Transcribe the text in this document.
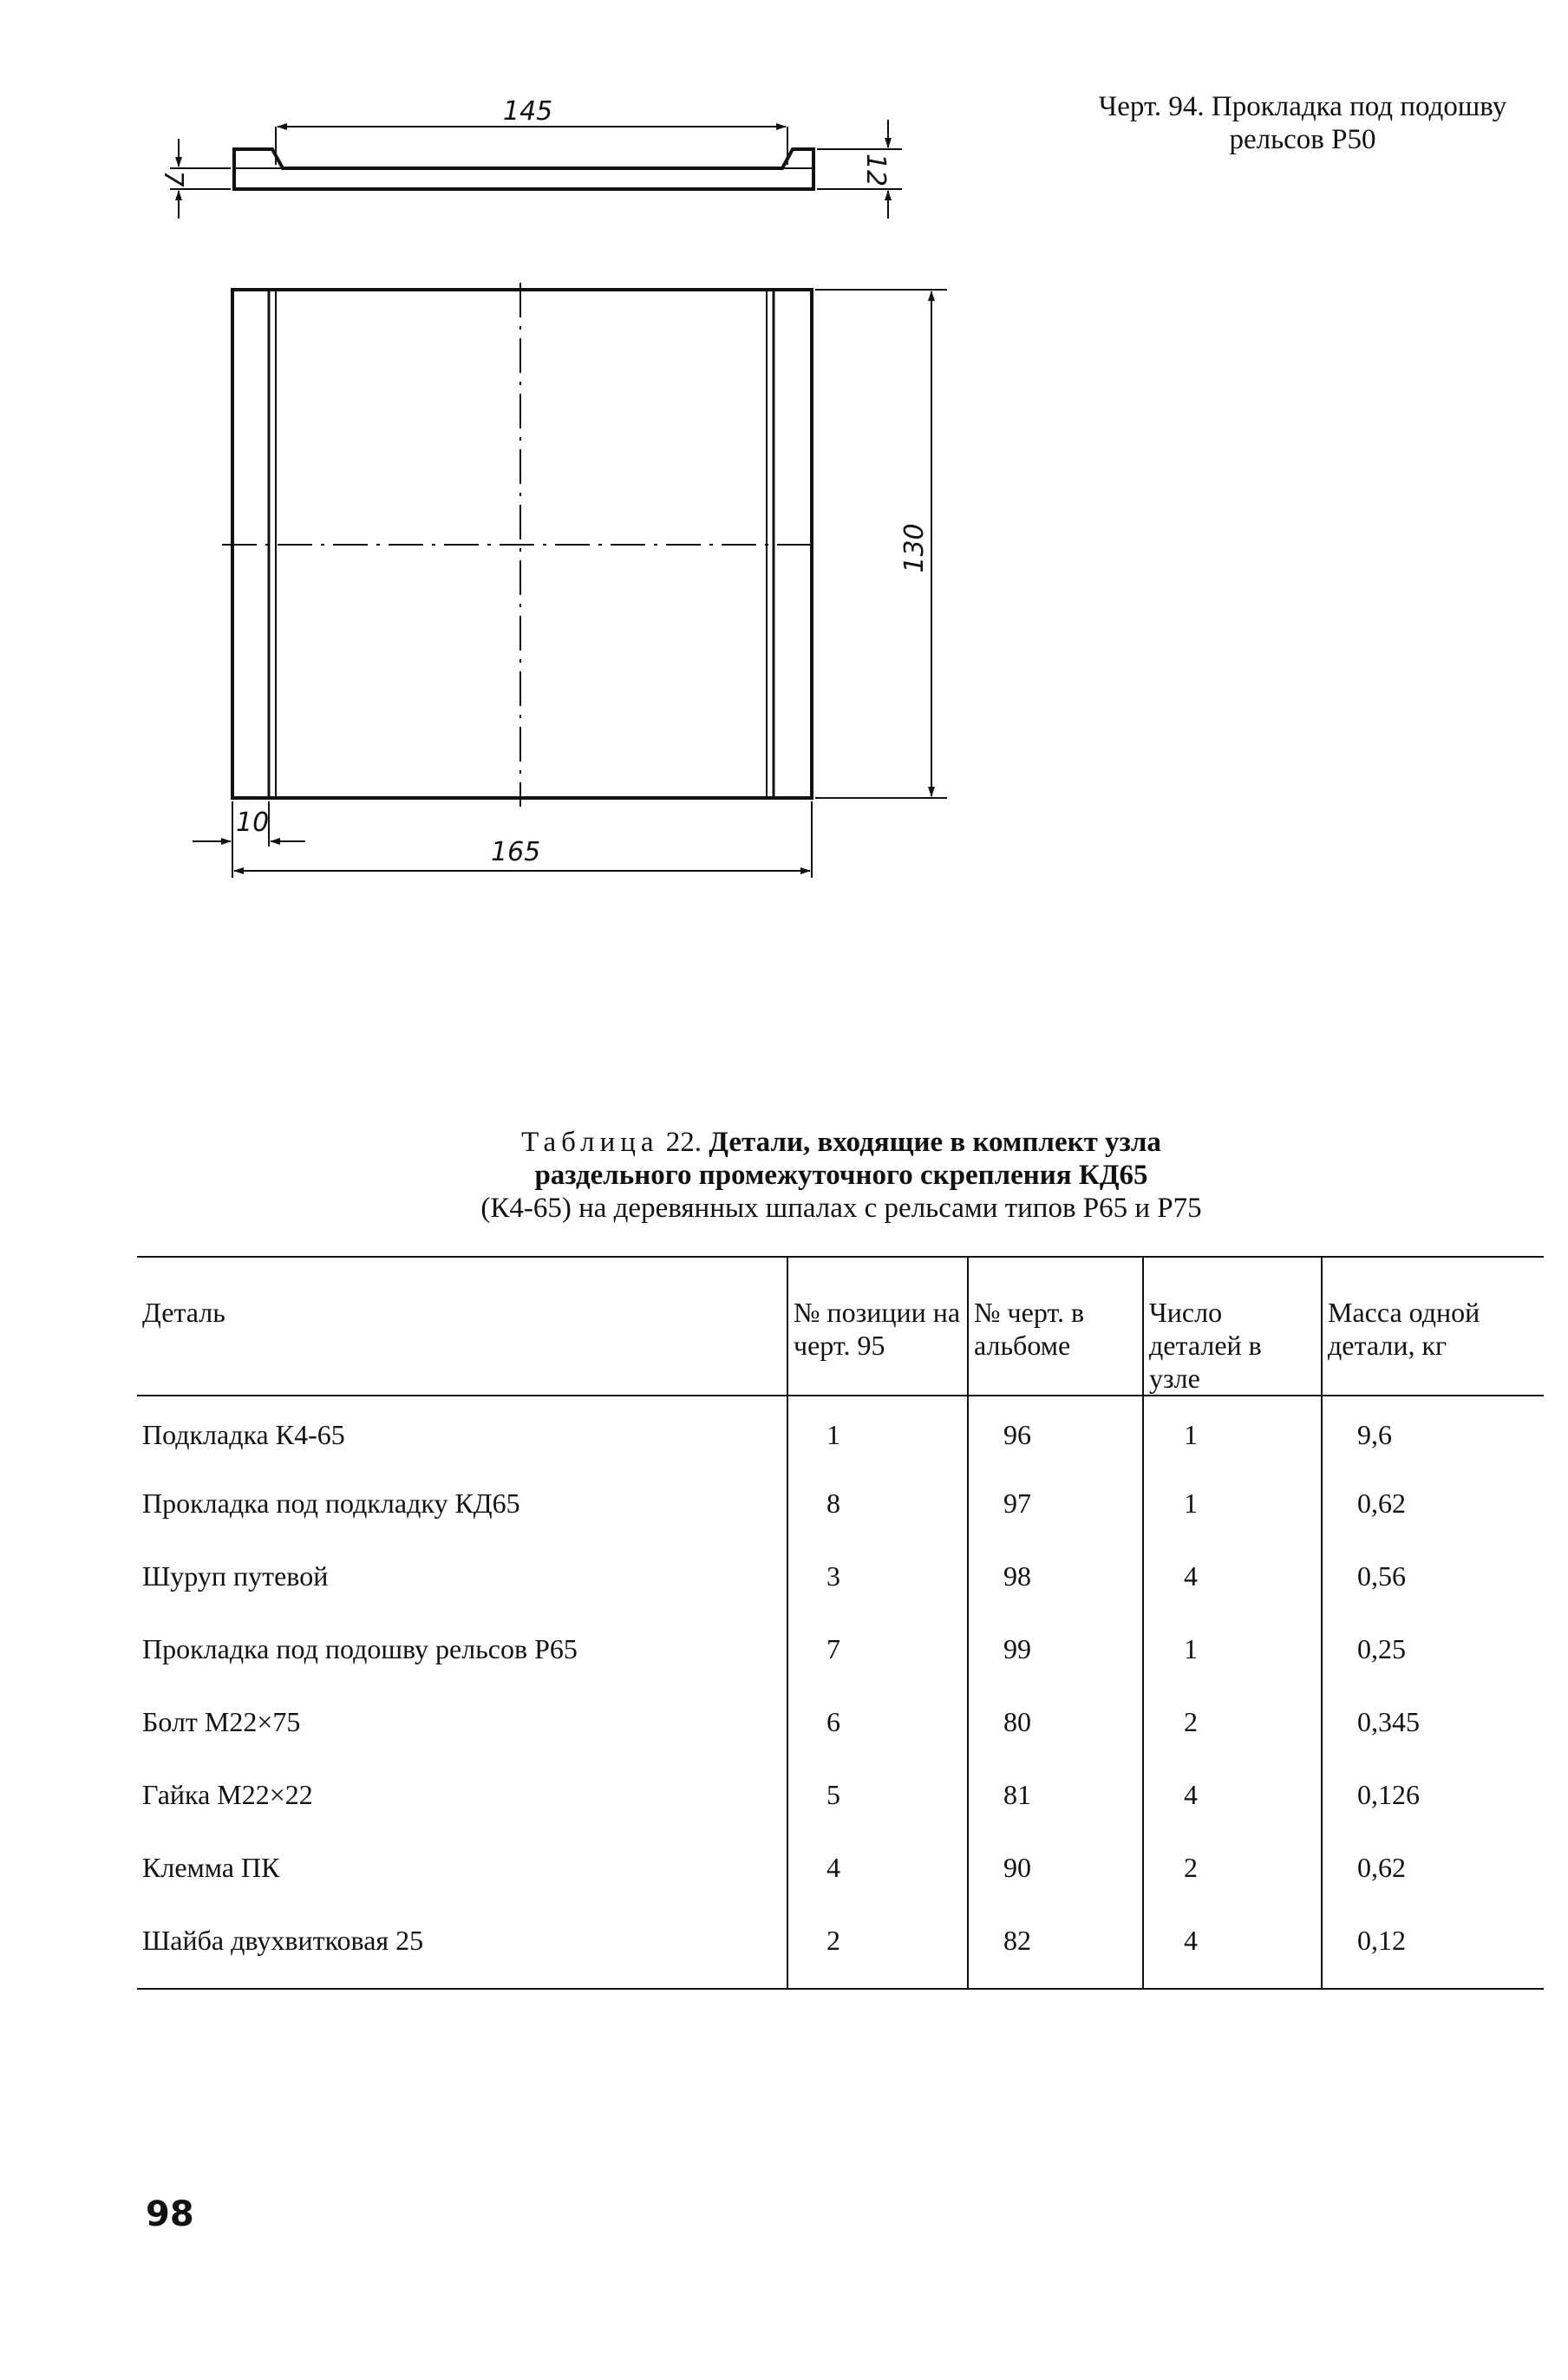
145
7	12
130
10
165
Черт. 94. Прокладка под подошву
рельсов Р50
Таблица 22. Детали, входящие в комплект узла
раздельного промежуточного скрепления КД65
(К4-65) на деревянных шпалах с рельсами типов Р65 и Р75
Деталь	№ позиции на черт. 95	№ черт. в альбоме	Число деталей в узле	Масса одной детали, кг
Подкладка К4-65	1	96	1	9,6
Прокладка под подкладку КД65	8	97	1	0,62
Шуруп путевой	3	98	4	0,56
Прокладка под подошву рельсов Р65	7	99	1	0,25
Болт М22×75	6	80	2	0,345
Гайка М22×22	5	81	4	0,126
Клемма ПК	4	90	2	0,62
Шайба двухвитковая 25	2	82	4	0,12
98
